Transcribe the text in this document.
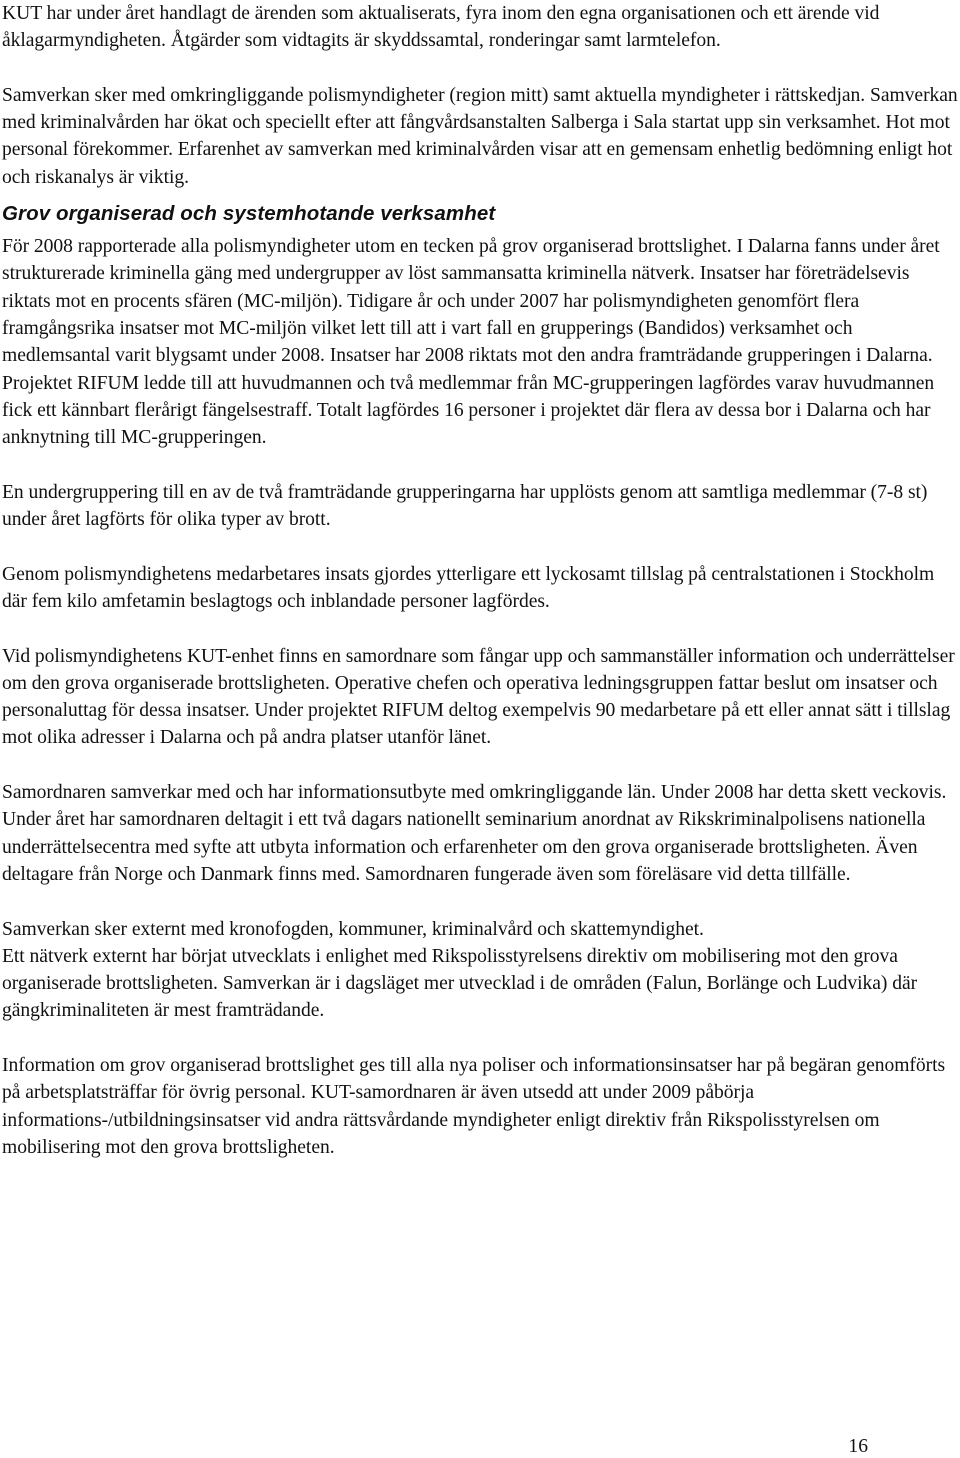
KUT har under året handlagt de ärenden som aktualiserats, fyra inom den egna organisationen och ett ärende vid åklagarmyndigheten. Åtgärder som vidtagits är skyddssamtal, ronderingar samt larmtelefon.

Samverkan sker med omkringliggande polismyndigheter (region mitt) samt aktuella myndigheter i rättskedjan. Samverkan med kriminalvården har ökat och speciellt efter att fångvårdsanstalten Salberga i Sala startat upp sin verksamhet. Hot mot personal förekommer. Erfarenhet av samverkan med kriminalvården visar att en gemensam enhetlig bedömning enligt hot och riskanalys är viktig.

Grov organiserad och systemhotande verksamhet

För 2008 rapporterade alla polismyndigheter utom en tecken på grov organiserad brottslighet. I Dalarna fanns under året strukturerade kriminella gäng med undergrupper av löst sammansatta kriminella nätverk. Insatser har företrädelsevis riktats mot en procents sfären (MC-miljön). Tidigare år och under 2007 har polismyndigheten genomfört flera framgångsrika insatser mot MC-miljön vilket lett till att i vart fall en grupperings (Bandidos) verksamhet och medlemsantal varit blygsamt under 2008. Insatser har 2008 riktats mot den andra framträdande grupperingen i Dalarna. Projektet RIFUM ledde till att huvudmannen och två medlemmar från MC-grupperingen lagfördes varav huvudmannen fick ett kännbart flerårigt fängelsestraff. Totalt lagfördes 16 personer i projektet där flera av dessa bor i Dalarna och har anknytning till MC-grupperingen.

En undergruppering till en av de två framträdande grupperingarna har upplösts genom att samtliga medlemmar (7-8 st) under året lagförts för olika typer av brott.

Genom polismyndighetens medarbetares insats gjordes ytterligare ett lyckosamt tillslag på centralstationen i Stockholm där fem kilo amfetamin beslagtogs och inblandade personer lagfördes.

Vid polismyndighetens KUT-enhet finns en samordnare som fångar upp och sammanställer information och underrättelser om den grova organiserade brottsligheten. Operative chefen och operativa ledningsgruppen fattar beslut om insatser och personaluttag för dessa insatser. Under projektet RIFUM deltog exempelvis 90 medarbetare på ett eller annat sätt i tillslag mot olika adresser i Dalarna och på andra platser utanför länet.

Samordnaren samverkar med och har informationsutbyte med omkringliggande län. Under 2008 har detta skett veckovis. Under året har samordnaren deltagit i ett två dagars nationellt seminarium anordnat av Rikskriminalpolisens nationella underrättelsecentra med syfte att utbyta information och erfarenheter om den grova organiserade brottsligheten. Även deltagare från Norge och Danmark finns med. Samordnaren fungerade även som föreläsare vid detta tillfälle.

Samverkan sker externt med kronofogden, kommuner, kriminalvård och skattemyndighet.

Ett nätverk externt har börjat utvecklats i enlighet med Rikspolisstyrelsens direktiv om mobilisering mot den grova organiserade brottsligheten. Samverkan är i dagsläget mer utvecklad i de områden (Falun, Borlänge och Ludvika) där gängkriminaliteten är mest framträdande.

Information om grov organiserad brottslighet ges till alla nya poliser och informationsinsatser har på begäran genomförts på arbetsplatsträffar för övrig personal. KUT-samordnaren är även utsedd att under 2009 påbörja informations-/utbildningsinsatser vid andra rättsvårdande myndigheter enligt direktiv från Rikspolisstyrelsen om mobilisering mot den grova brottsligheten.

16
